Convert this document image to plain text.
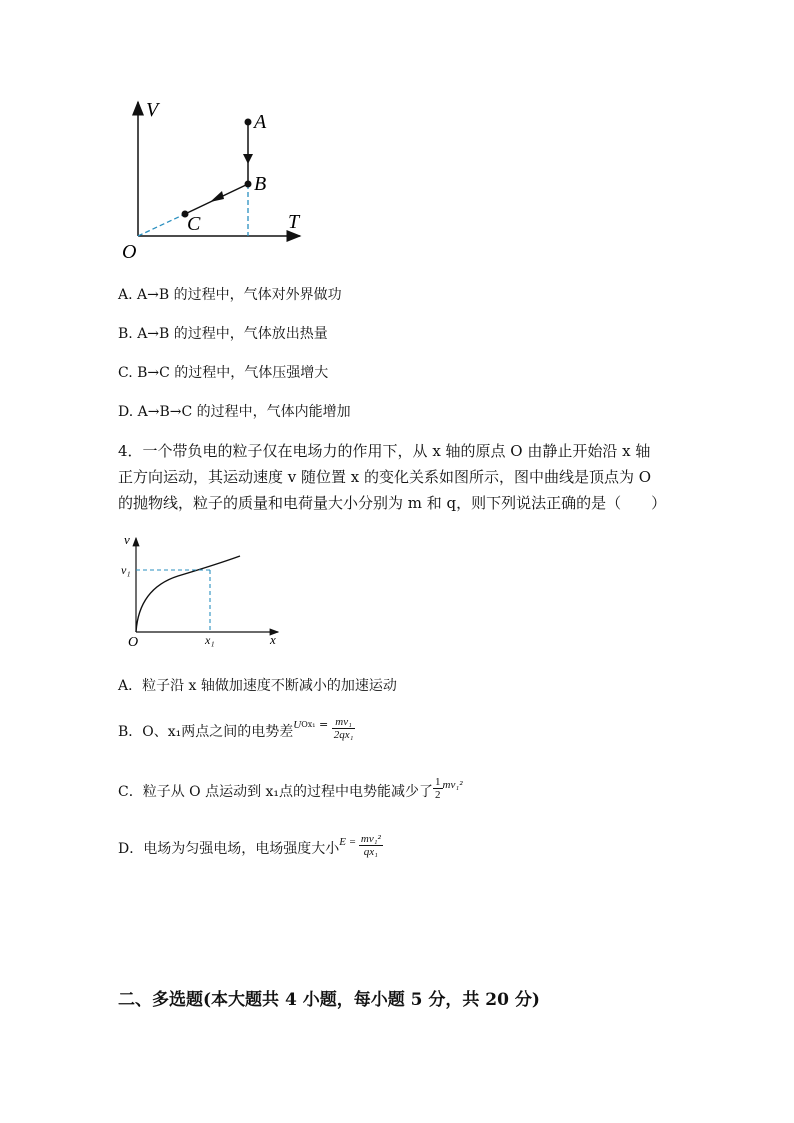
V
T
O
A
B
C
A. A→B 的过程中，气体对外界做功
B. A→B 的过程中，气体放出热量
C. B→C 的过程中，气体压强增大
D. A→B→C 的过程中，气体内能增加
4．一个带负电的粒子仅在电场力的作用下，从 x 轴的原点 O 由静止开始沿 x 轴
正方向运动，其运动速度 v 随位置 x 的变化关系如图所示，图中曲线是顶点为 O
的抛物线，粒子的质量和电荷量大小分别为 m 和 q，则下列说法正确的是（　　）
v
x
O
v₁
x₁
A．粒子沿 x 轴做加速度不断减小的加速运动
B．O、x₁两点之间的电势差$^{UOx_1}$ $^= \frac{\text{mv₁}}{\text{2qx₁}}$
C．粒子从 O 点运动到 x₁点的过程中电势能减少了 $\frac{1}{2} ^{mv_1^2}$
D．电场为匀强电场，电场强度大小$^{E =} \frac{\text{mv₁²}}{\text{qx₁}}$
二、多选题(本大题共 4 小题，每小题 5 分，共 20 分)
